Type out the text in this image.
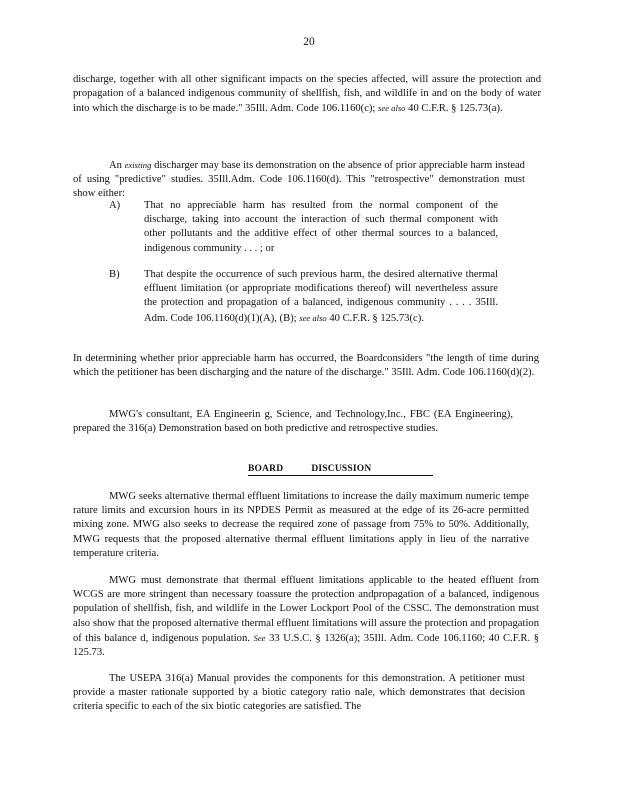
20
discharge, together with all other significant impacts on the species affected, will assure the protection and propagation of a balanced indigenous community of shellfish, fish, and wildlife in and on the body of water into which the discharge is to be made." 35Ill. Adm. Code 106.1160(c); see also 40 C.F.R. § 125.73(a).
An existing discharger may base its demonstration on the absence of prior appreciable harm instead of using "predictive" studies. 35Ill.Adm. Code 106.1160(d). This "retrospective" demonstration must show either:
A) That no appreciable harm has resulted from the normal component of the discharge, taking into account the interaction of such thermal component with other pollutants and the additive effect of other thermal sources to a balanced, indigenous community . . . ; or
B) That despite the occurrence of such previous harm, the desired alternative thermal effluent limitation (or appropriate modifications thereof) will nevertheless assure the protection and propagation of a balanced, indigenous community . . . . 35Ill. Adm. Code 106.1160(d)(1)(A), (B); see also 40 C.F.R. § 125.73(c).
In determining whether prior appreciable harm has occurred, the Boardconsiders "the length of time during which the petitioner has been discharging and the nature of the discharge." 35Ill. Adm. Code 106.1160(d)(2).
MWG's consultant, EA Engineerin g, Science, and Technology,Inc., FBC (EA Engineering), prepared the 316(a) Demonstration based on both predictive and retrospective studies.
BOARD	DISCUSSION
MWG seeks alternative thermal effluent limitations to increase the daily maximum numeric tempe rature limits and excursion hours in its NPDES Permit as measured at the edge of its 26-acre permitted mixing zone. MWG also seeks to decrease the required zone of passage from 75% to 50%. Additionally, MWG requests that the proposed alternative thermal effluent limitations apply in lieu of the narrative temperature criteria.
MWG must demonstrate that thermal effluent limitations applicable to the heated effluent from WCGS are more stringent than necessary toassure the protection andpropagation of a balanced, indigenous population of shellfish, fish, and wildlife in the Lower Lockport Pool of the CSSC. The demonstration must also show that the proposed alternative thermal effluent limitations will assure the protection and propagation of this balance d, indigenous population. See 33 U.S.C. § 1326(a); 35Ill. Adm. Code 106.1160; 40 C.F.R. § 125.73.
The USEPA 316(a) Manual provides the components for this demonstration. A petitioner must provide a master rationale supported by a biotic category ratio nale, which demonstrates that decision criteria specific to each of the six biotic categories are satisfied. The
